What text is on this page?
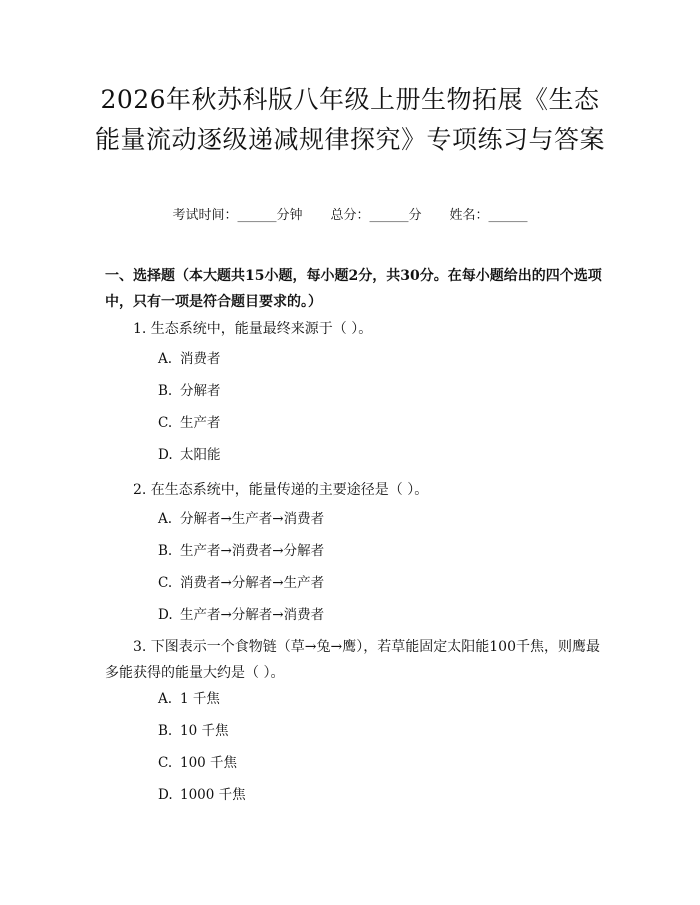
2026年秋苏科版八年级上册生物拓展《生态能量流动逐级递减规律探究》专项练习与答案
考试时间：______分钟 总分：______分 姓名：______
一、选择题（本大题共15小题，每小题2分，共30分。在每小题给出的四个选项中，只有一项是符合题目要求的。）
1. 生态系统中，能量最终来源于（ ）。
A. 消费者
B. 分解者
C. 生产者
D. 太阳能
2. 在生态系统中，能量传递的主要途径是（ ）。
A. 分解者→生产者→消费者
B. 生产者→消费者→分解者
C. 消费者→分解者→生产者
D. 生产者→分解者→消费者
3. 下图表示一个食物链（草→兔→鹰），若草能固定太阳能100千焦，则鹰最多能获得的能量大约是（ ）。
A. 1 千焦
B. 10 千焦
C. 100 千焦
D. 1000 千焦
